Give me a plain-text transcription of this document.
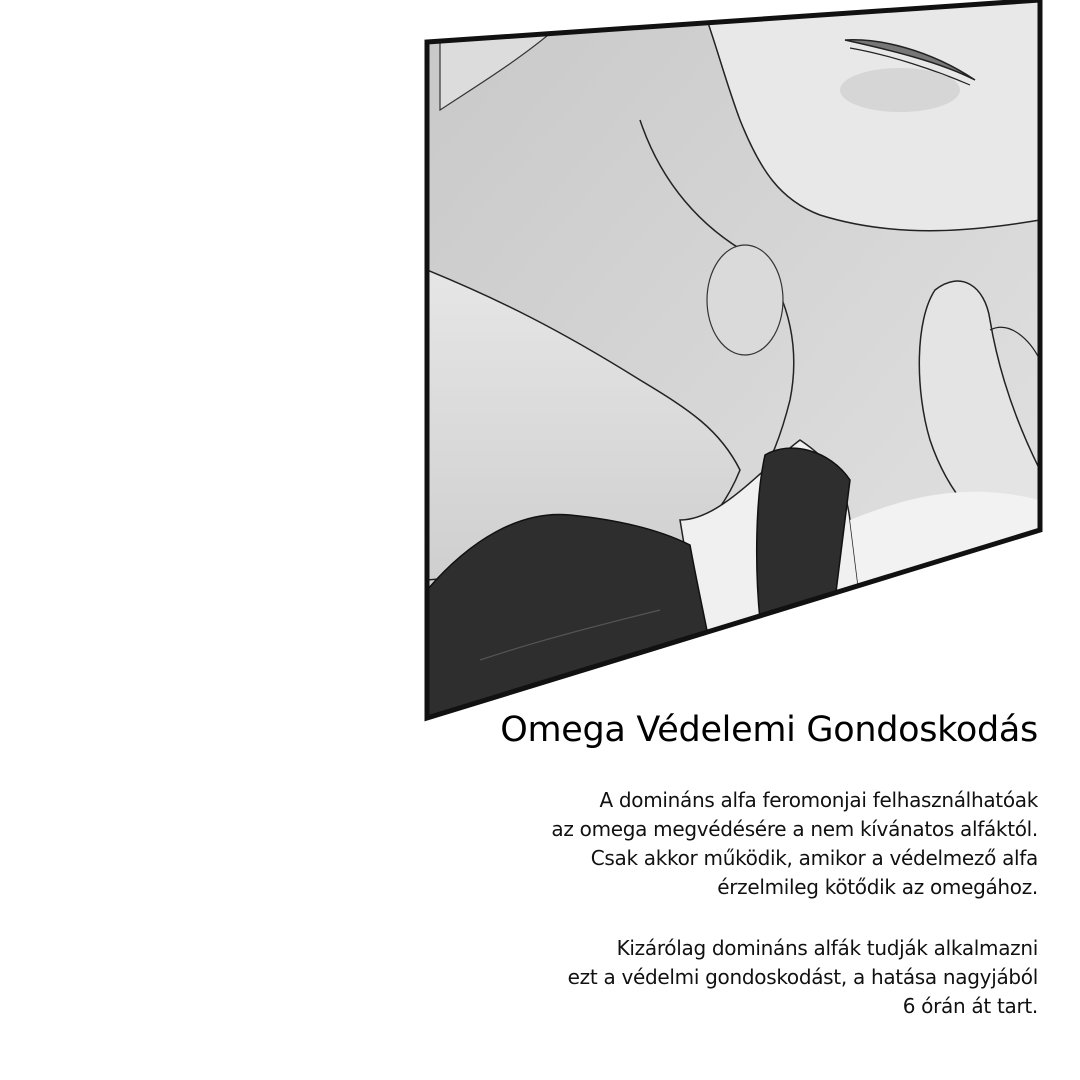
Omega Védelemi Gondoskodás

A domináns alfa feromonjai felhasználhatóak
az omega megvédésére a nem kívánatos alfáktól.
Csak akkor működik, amikor a védelmező alfa
érzelmileg kötődik az omegához.

Kizárólag domináns alfák tudják alkalmazni
ezt a védelmi gondoskodást, a hatása nagyjából
6 órán át tart.
